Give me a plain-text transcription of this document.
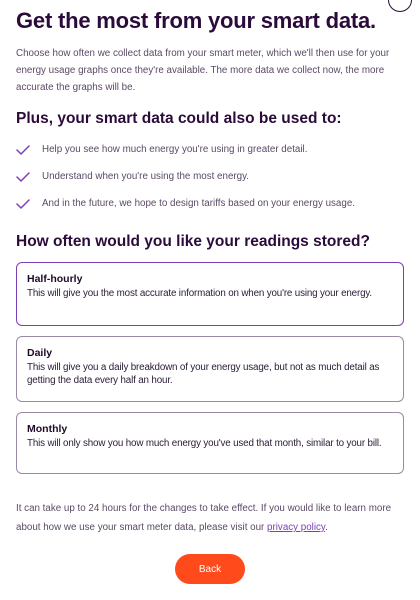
Get the most from your smart data.

Choose how often we collect data from your smart meter, which we'll then use for your energy usage graphs once they're available. The more data we collect now, the more accurate the graphs will be.

Plus, your smart data could also be used to:
Help you see how much energy you're using in greater detail.
Understand when you're using the most energy.
And in the future, we hope to design tariffs based on your energy usage.
How often would you like your readings stored?
Half-hourly
This will give you the most accurate information on when you're using your energy.
Daily
This will give you a daily breakdown of your energy usage, but not as much detail as getting the data every half an hour.
Monthly
This will only show you how much energy you've used that month, similar to your bill.

It can take up to 24 hours for the changes to take effect. If you would like to learn more about how we use your smart meter data, please visit our privacy policy.

Back
